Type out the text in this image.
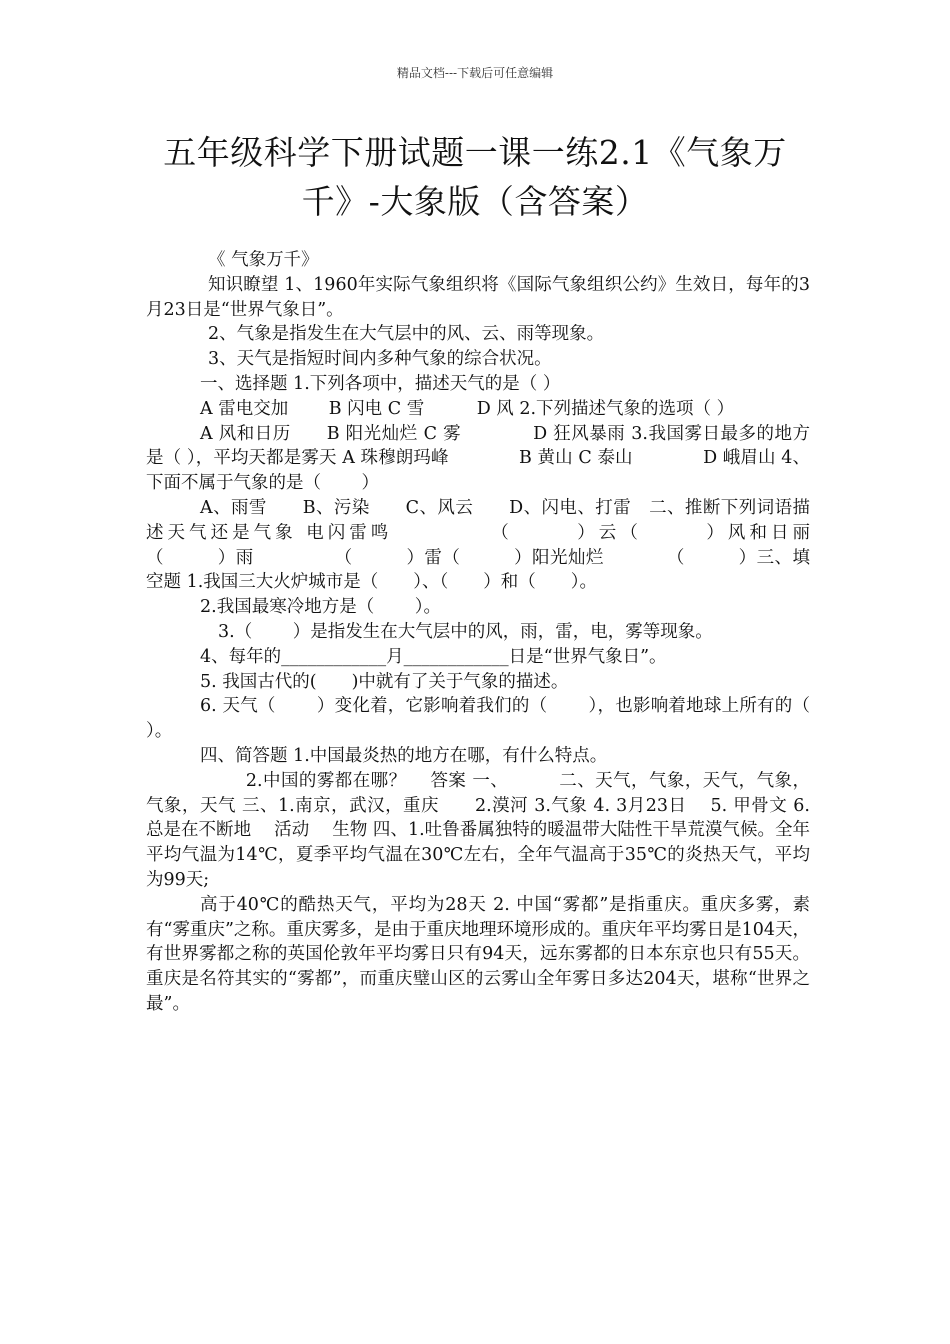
精品文档---下载后可任意编辑
五年级科学下册试题一课一练2.1《气象万千》-大象版（含答案）

《 气象万千》

知识瞭望 1、1960年实际气象组织将《国际气象组织公约》生效日，每年的3月23日是“世界气象日”。

2、气象是指发生在大气层中的风、云、雨等现象。

3、天气是指短时间内多种气象的综合状况。

一、选择题 1.下列各项中，描述天气的是（ ）

A 雷电交加　　 B 闪电 C 雪　　　D 风 2.下列描述气象的选项（ ）

A 风和日历　　B 阳光灿烂 C 雾　　　　D 狂风暴雨 3.我国雾日最多的地方是（ ），平均天都是雾天 A 珠穆朗玛峰　　　　B 黄山 C 泰山　　　　D 峨眉山 4、下面不属于气象的是（　　 ）

A、雨雪　　B、污染　　C、风云　　D、闪电、打雷　二、推断下列词语描述天气还是气象 电闪雷鸣　　　　　（　　　）云（　　　）风和日丽　　　　（　　　）雨　　　　　（　　　）雷（　　　）阳光灿烂　　　　（　　　）三、填空题 1.我国三大火炉城市是（　　）、（　　）和（　　）。

2.我国最寒冷地方是（　　 ）。

3.（　　 ）是指发生在大气层中的风，雨，雷，电，雾等现象。

4、每年的____________月____________日是“世界气象日”。

5. 我国古代的(　　)中就有了关于气象的描述。

6. 天气（　　 ）变化着，它影响着我们的（　　 ），也影响着地球上所有的（　　 ）。

四、简答题 1.中国最炎热的地方在哪，有什么特点。

　　2.中国的雾都在哪？　 答案 一、　　　 二、天气，气象，天气，气象，气象，天气 三、1.南京，武汉，重庆　　2.漠河 3.气象 4. 3月23日　 5. 甲骨文 6. 总是在不断地　 活动　 生物 四、1.吐鲁番属独特的暖温带大陆性干旱荒漠气候。全年平均气温为14℃，夏季平均气温在30℃左右，全年气温高于35℃的炎热天气，平均为99天;

高于40℃的酷热天气，平均为28天 2. 中国“雾都”是指重庆。重庆多雾，素有“雾重庆”之称。重庆雾多，是由于重庆地理环境形成的。重庆年平均雾日是104天，有世界雾都之称的英国伦敦年平均雾日只有94天，远东雾都的日本东京也只有55天。重庆是名符其实的“雾都”，而重庆璧山区的云雾山全年雾日多达204天，堪称“世界之最”。
